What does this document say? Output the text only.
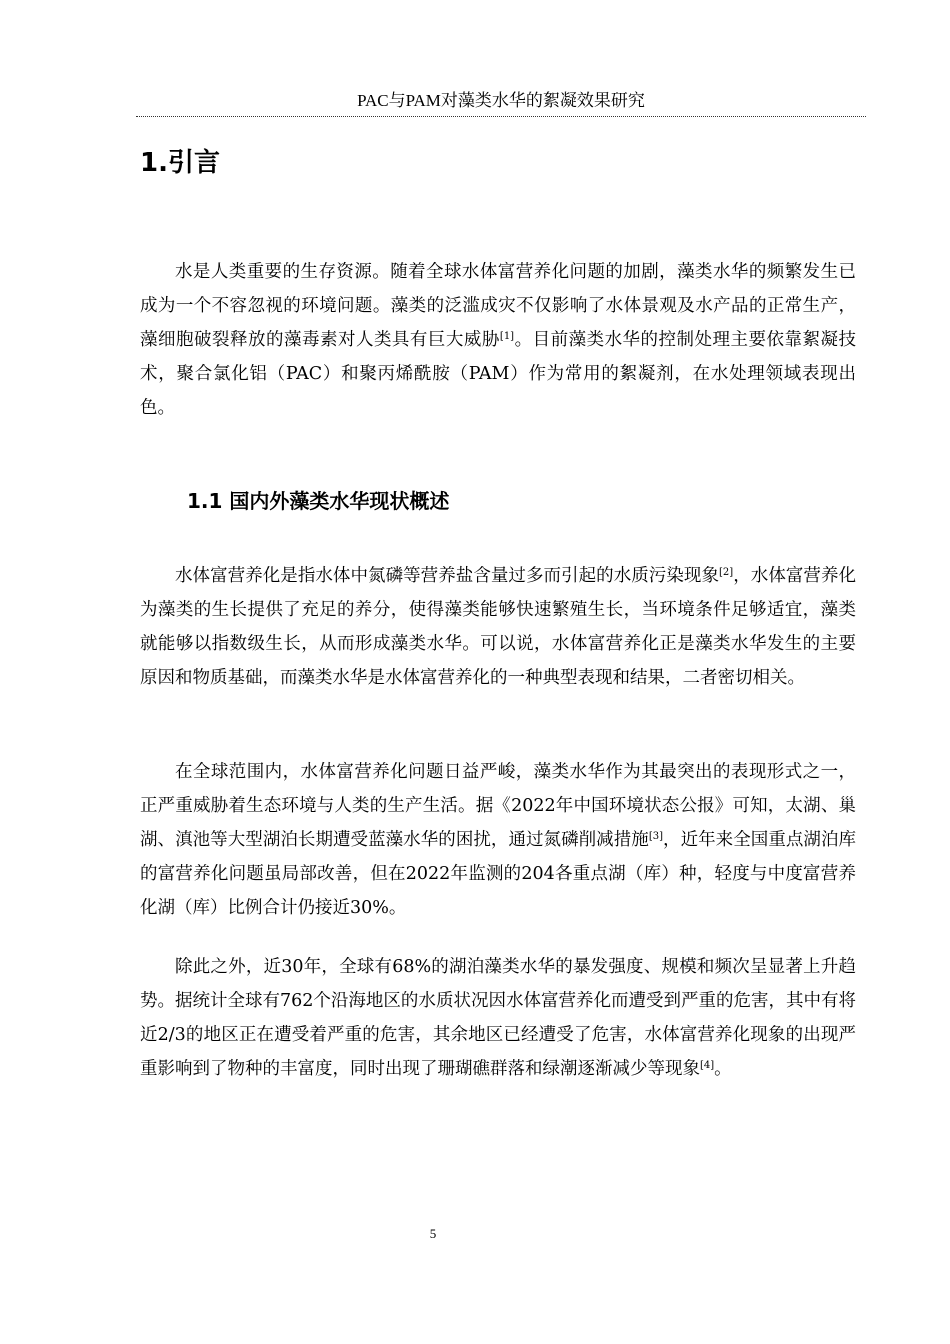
PAC与PAM对藻类水华的絮凝效果研究
1.引言

水是人类重要的生存资源。随着全球水体富营养化问题的加剧，藻类水华的频繁发生已成为一个不容忽视的环境问题。藻类的泛滥成灾不仅影响了水体景观及水产品的正常生产，藻细胞破裂释放的藻毒素对人类具有巨大威胁[1]。目前藻类水华的控制处理主要依靠絮凝技术，聚合氯化铝（PAC）和聚丙烯酰胺（PAM）作为常用的絮凝剂，在水处理领域表现出色。

1.1 国内外藻类水华现状概述

水体富营养化是指水体中氮磷等营养盐含量过多而引起的水质污染现象[2]，水体富营养化为藻类的生长提供了充足的养分，使得藻类能够快速繁殖生长，当环境条件足够适宜，藻类就能够以指数级生长，从而形成藻类水华。可以说，水体富营养化正是藻类水华发生的主要原因和物质基础，而藻类水华是水体富营养化的一种典型表现和结果，二者密切相关。

在全球范围内，水体富营养化问题日益严峻，藻类水华作为其最突出的表现形式之一，正严重威胁着生态环境与人类的生产生活。据《2022年中国环境状态公报》可知，太湖、巢湖、滇池等大型湖泊长期遭受蓝藻水华的困扰，通过氮磷削减措施[3]，近年来全国重点湖泊库的富营养化问题虽局部改善，但在2022年监测的204各重点湖（库）种，轻度与中度富营养化湖（库）比例合计仍接近30%。

除此之外，近30年，全球有68%的湖泊藻类水华的暴发强度、规模和频次呈显著上升趋势。据统计全球有762个沿海地区的水质状况因水体富营养化而遭受到严重的危害，其中有将近2/3的地区正在遭受着严重的危害，其余地区已经遭受了危害，水体富营养化现象的出现严重影响到了物种的丰富度，同时出现了珊瑚礁群落和绿潮逐渐减少等现象[4]。

5
